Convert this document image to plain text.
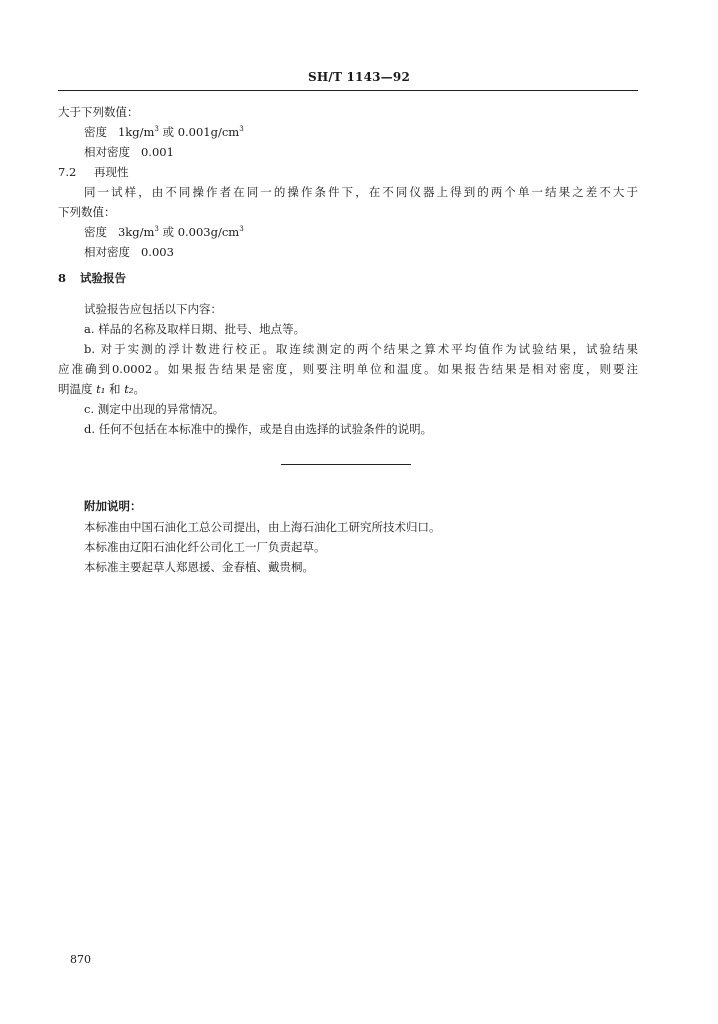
SH/T 1143—92
大于下列数值：
密度 $1kg/m^3$ 或 $0.001g/cm^3$
相对密度 0.001
7.2 再现性
同一试样，由不同操作者在同一的操作条件下，在不同仪器上得到的两个单一结果之差不大于
下列数值：
密度 $3kg/m^3$ 或 $0.003g/cm^3$
相对密度 0.003
8 试验报告
试验报告应包括以下内容：
a. 样品的名称及取样日期、批号、地点等。
b. 对于实测的浮计数进行校正。取连续测定的两个结果之算术平均值作为试验结果，试验结果
应准确到0.0002。如果报告结果是密度，则要注明单位和温度。如果报告结果是相对密度，则要注
明温度 t₁ 和 t₂。
c. 测定中出现的异常情况。
d. 任何不包括在本标准中的操作，或是自由选择的试验条件的说明。
附加说明：
本标准由中国石油化工总公司提出，由上海石油化工研究所技术归口。
本标准由辽阳石油化纤公司化工一厂负责起草。
本标准主要起草人郑恩援、金春植、戴贵桐。
870
